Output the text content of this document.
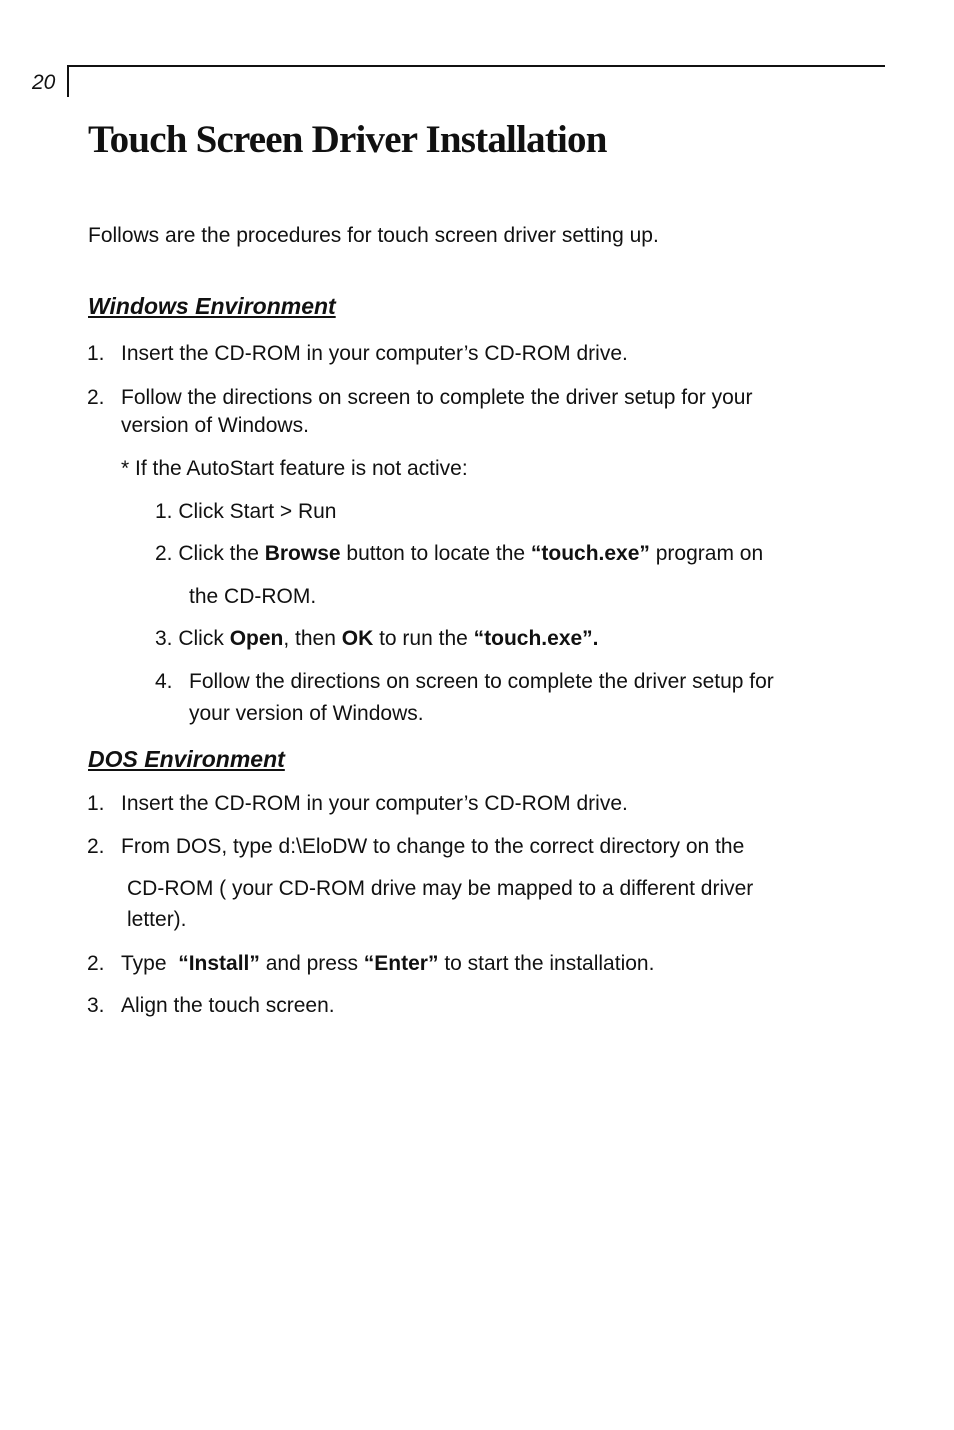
20
Touch Screen Driver Installation
Follows are the procedures for touch screen driver setting up.
Windows Environment
1. Insert the CD-ROM in your computer’s CD-ROM drive.
2. Follow the directions on screen to complete the driver setup for your
version of Windows.
* If the AutoStart feature is not active:
1. Click Start > Run
2. Click the Browse button to locate the “touch.exe” program on
the CD-ROM.
3. Click Open, then OK to run the “touch.exe”.
4. Follow the directions on screen to complete the driver setup for
your version of Windows.
DOS Environment
1. Insert the CD-ROM in your computer’s CD-ROM drive.
2. From DOS, type d:\EloDW to change to the correct directory on the
CD-ROM ( your CD-ROM drive may be mapped to a different driver
letter).
2. Type  “Install” and press “Enter” to start the installation.
3. Align the touch screen.
